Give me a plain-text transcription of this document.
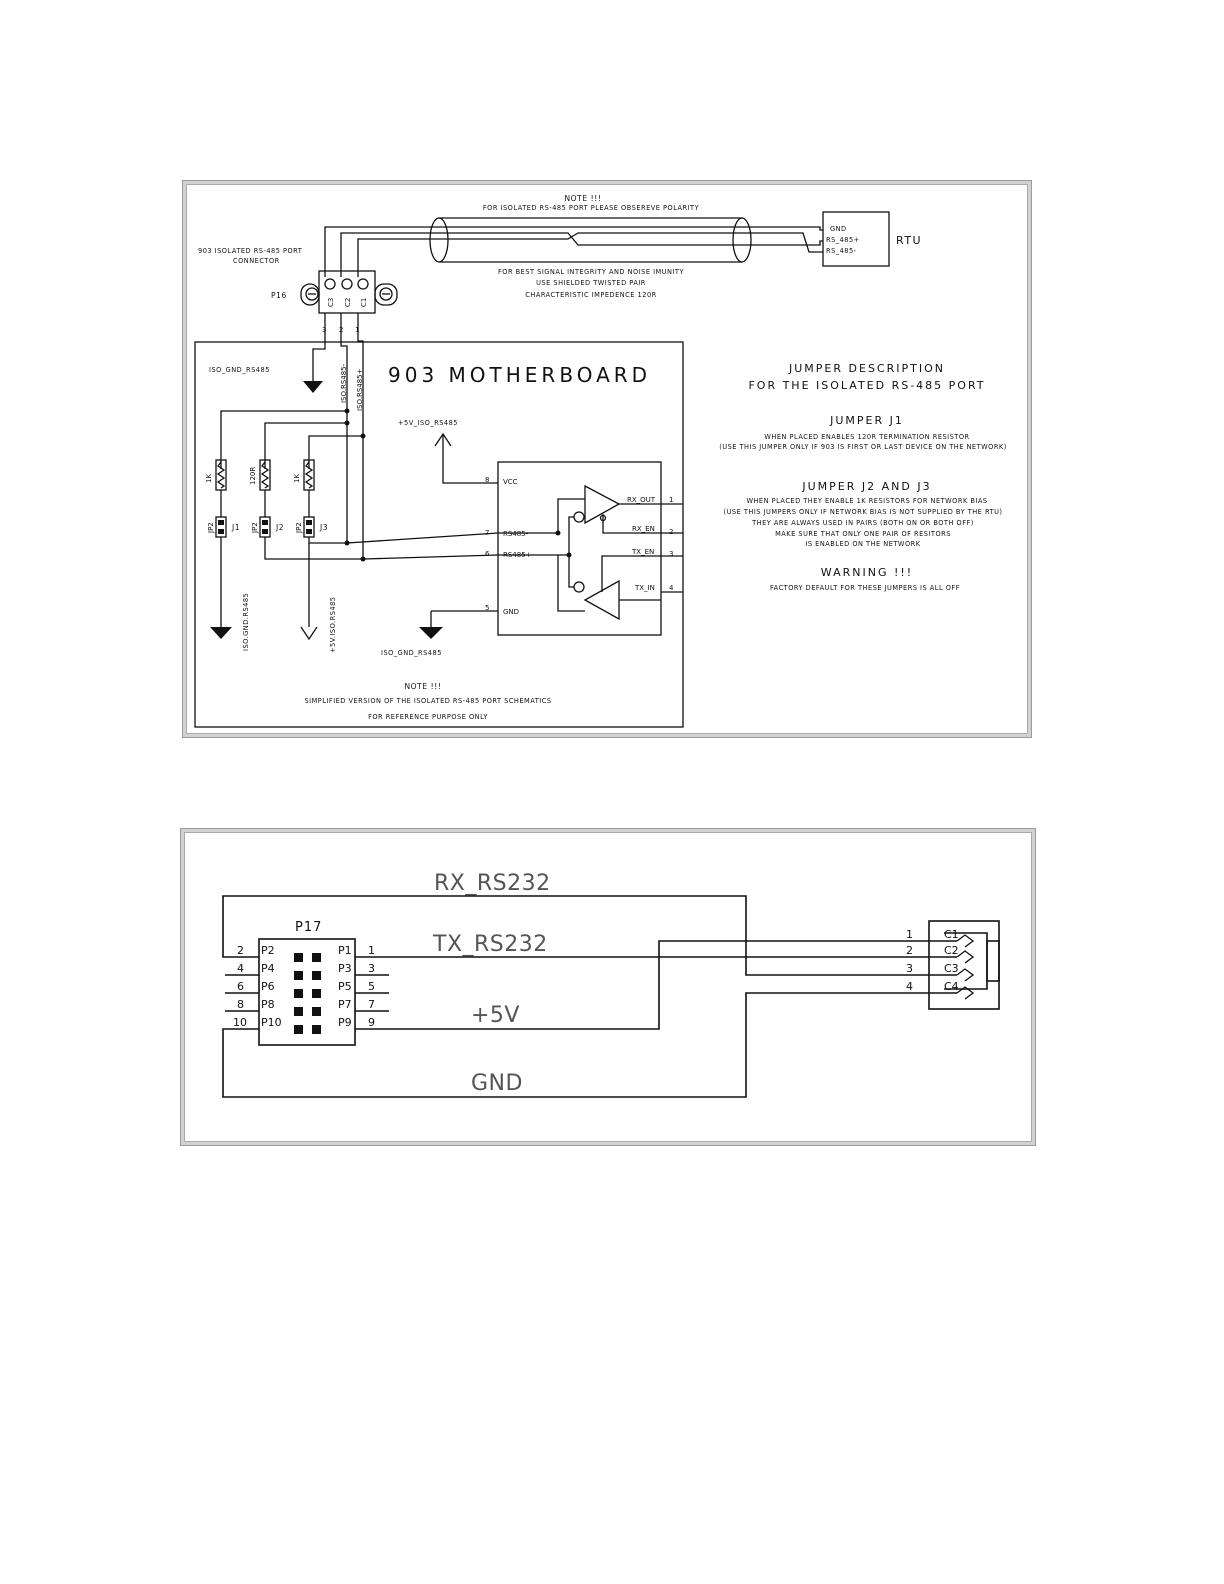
NOTE !!!
FOR ISOLATED RS-485 PORT PLEASE OBSEREVE POLARITY
GND
RS_485+
RS_485-
RTU
903 ISOLATED RS-485 PORT
CONNECTOR
P16
C3 C2 C1
3 2 1
FOR BEST SIGNAL INTEGRITY AND NOISE IMUNITY
USE SHIELDED TWISTED PAIR
CHARACTERISTIC IMPEDENCE 120R
903 MOTHERBOARD
ISO_GND_RS485	ISO.RS485- ISO.RS485+
1K	120R	1K
JP2	JP2	JP2
J1	J2	J3
ISO.GND.RS485	+5V.ISO.RS485
+5V_ISO_RS485
ISO_GND_RS485
8 VCC
7 RS485-
6 RS485+
5 GND
RX_OUT 1
RX_EN 2
TX_EN 3
TX_IN 4
NOTE !!!
SIMPLIFIED VERSION OF THE ISOLATED RS-485 PORT SCHEMATICS
FOR REFERENCE PURPOSE ONLY
JUMPER DESCRIPTION
FOR THE ISOLATED RS-485 PORT
JUMPER J1
WHEN PLACED ENABLES 120R TERMINATION RESISTOR
(USE THIS JUMPER ONLY IF 903 IS FIRST OR LAST DEVICE ON THE NETWORK)
JUMPER J2 AND J3
WHEN PLACED THEY ENABLE 1K RESISTORS FOR NETWORK BIAS
(USE THIS JUMPERS ONLY IF NETWORK BIAS IS NOT SUPPLIED BY THE RTU)
THEY ARE ALWAYS USED IN PAIRS (BOTH ON OR BOTH OFF)
MAKE SURE THAT ONLY ONE PAIR OF RESITORS
IS ENABLED ON THE NETWORK
WARNING !!!
FACTORY DEFAULT FOR THESE JUMPERS IS ALL OFF
RX_RS232
TX_RS232
+5V
GND
P17
P2
P4
P6
P8
P10
2
4
6
8
10
P1
P3
P5
P7
P9
1
3
5
7
9
C1
C2
C3
C4
1
2
3
4
